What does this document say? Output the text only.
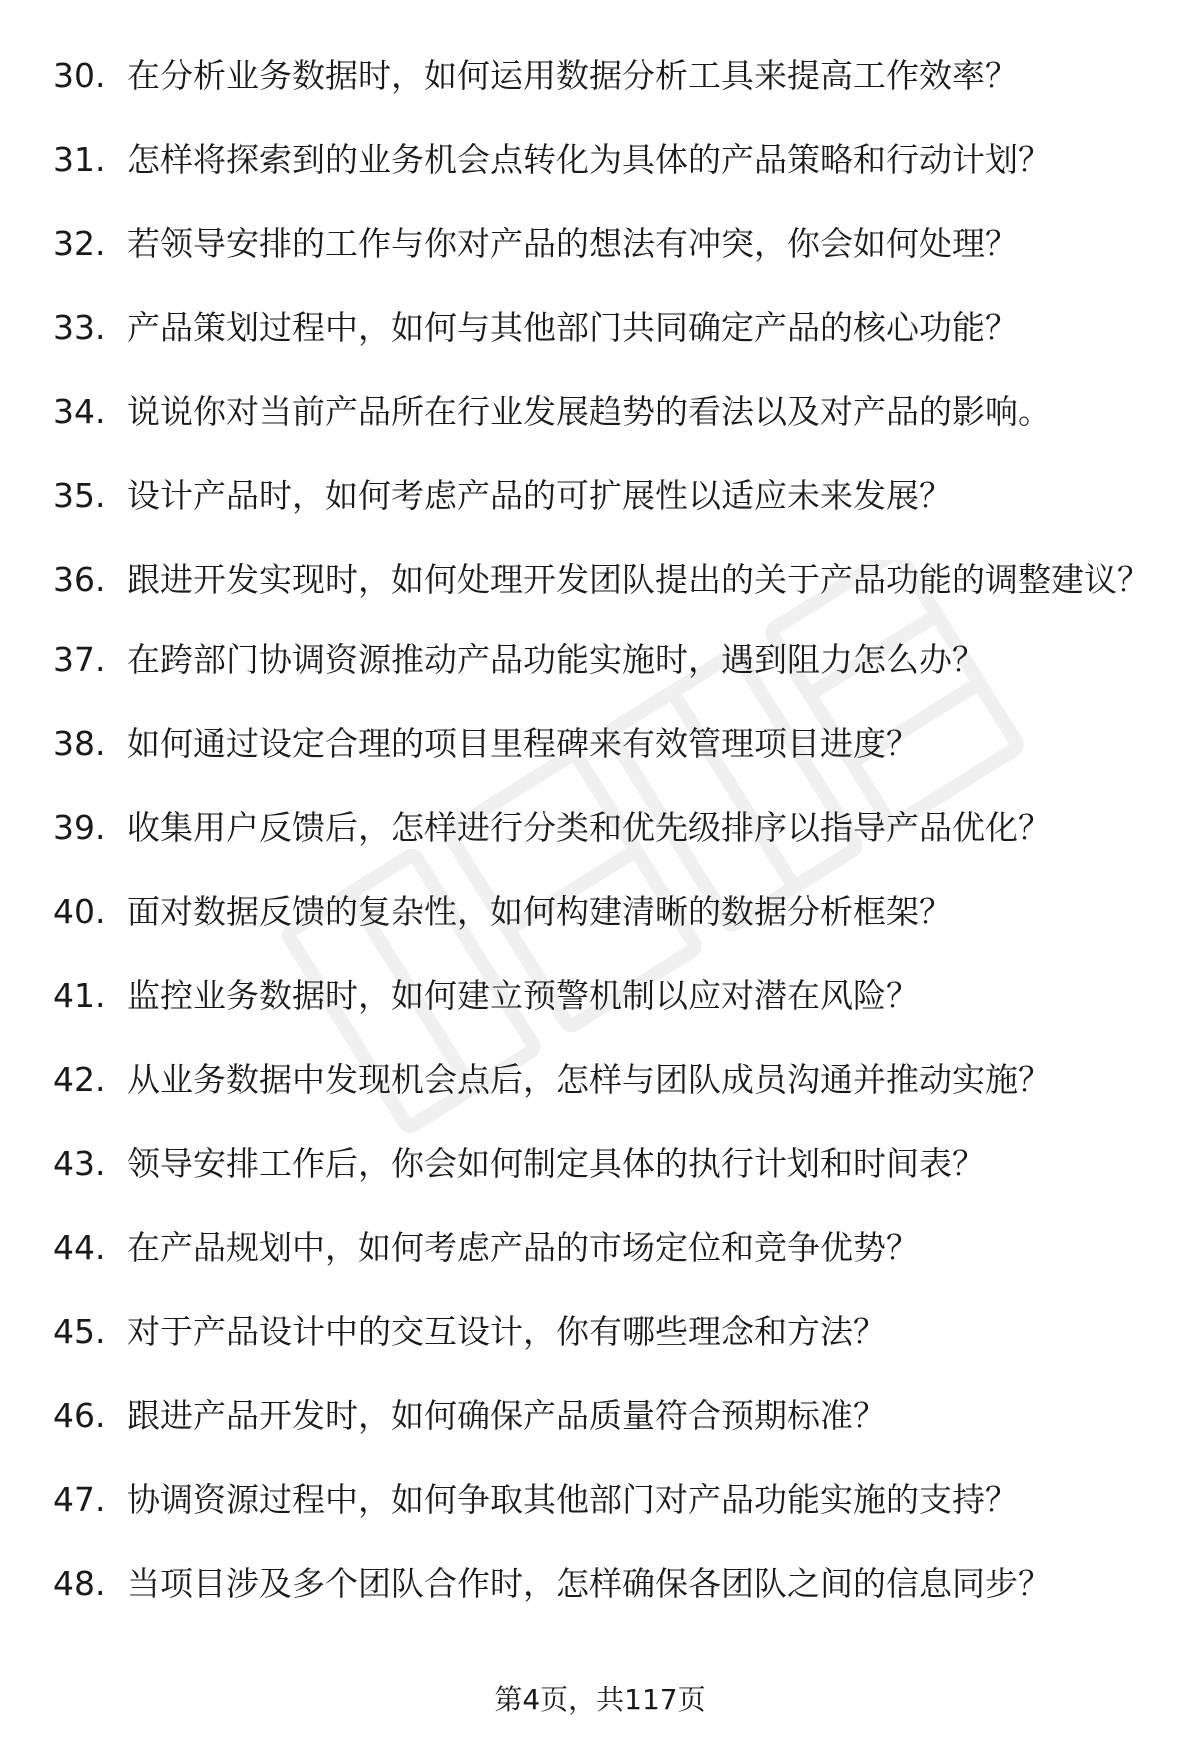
30. 在分析业务数据时，如何运用数据分析工具来提高工作效率？
31. 怎样将探索到的业务机会点转化为具体的产品策略和行动计划？
32. 若领导安排的工作与你对产品的想法有冲突，你会如何处理？
33. 产品策划过程中，如何与其他部门共同确定产品的核心功能？
34. 说说你对当前产品所在行业发展趋势的看法以及对产品的影响。
35. 设计产品时，如何考虑产品的可扩展性以适应未来发展？
36. 跟进开发实现时，如何处理开发团队提出的关于产品功能的调整建议？
37. 在跨部门协调资源推动产品功能实施时，遇到阻力怎么办？
38. 如何通过设定合理的项目里程碑来有效管理项目进度？
39. 收集用户反馈后，怎样进行分类和优先级排序以指导产品优化？
40. 面对数据反馈的复杂性，如何构建清晰的数据分析框架？
41. 监控业务数据时，如何建立预警机制以应对潜在风险？
42. 从业务数据中发现机会点后，怎样与团队成员沟通并推动实施？
43. 领导安排工作后，你会如何制定具体的执行计划和时间表？
44. 在产品规划中，如何考虑产品的市场定位和竞争优势？
45. 对于产品设计中的交互设计，你有哪些理念和方法？
46. 跟进产品开发时，如何确保产品质量符合预期标准？
47. 协调资源过程中，如何争取其他部门对产品功能实施的支持？
48. 当项目涉及多个团队合作时，怎样确保各团队之间的信息同步？
第4页，共117页
